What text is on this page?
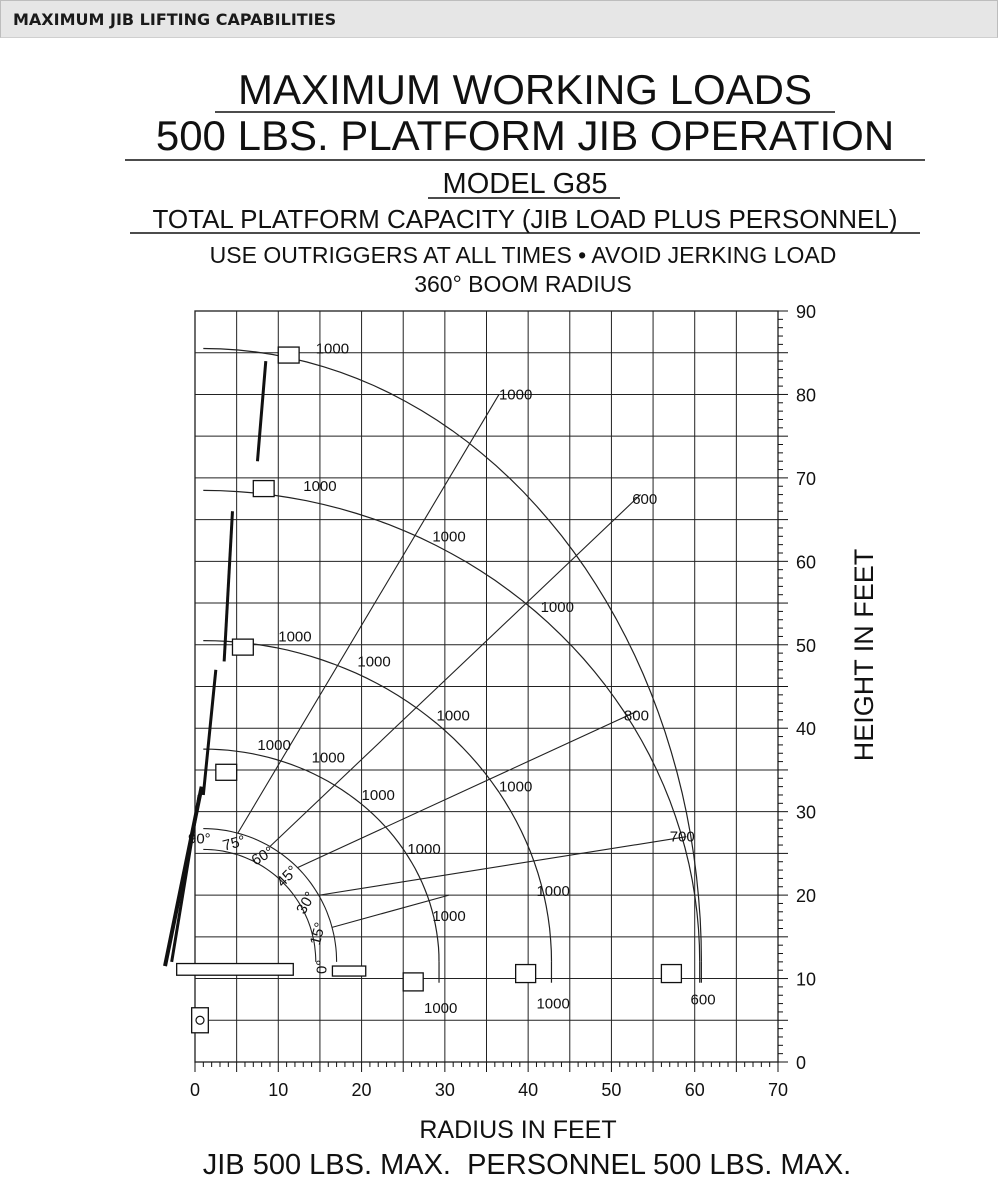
MAXIMUM JIB LIFTING CAPABILITIES
MAXIMUM WORKING LOADS
500 LBS. PLATFORM JIB OPERATION
MODEL G85
TOTAL PLATFORM CAPACITY (JIB LOAD PLUS PERSONNEL)
USE OUTRIGGERS AT ALL TIMES • AVOID JERKING LOAD
360° BOOM RADIUS
0	10	20	30	40	50	60	70
0
10
20
30
40
50
60
70
80
90
0°
15°
30°
45°
60°
75°
90°
1000
1000
600
1000
1000
1000
1000
1000
1000	800
1000
1000
1000	1000
1000
700
1000
1000
1000	1000	600
RADIUS IN FEET
HEIGHT IN FEET
JIB 500 LBS. MAX.  PERSONNEL 500 LBS. MAX.
